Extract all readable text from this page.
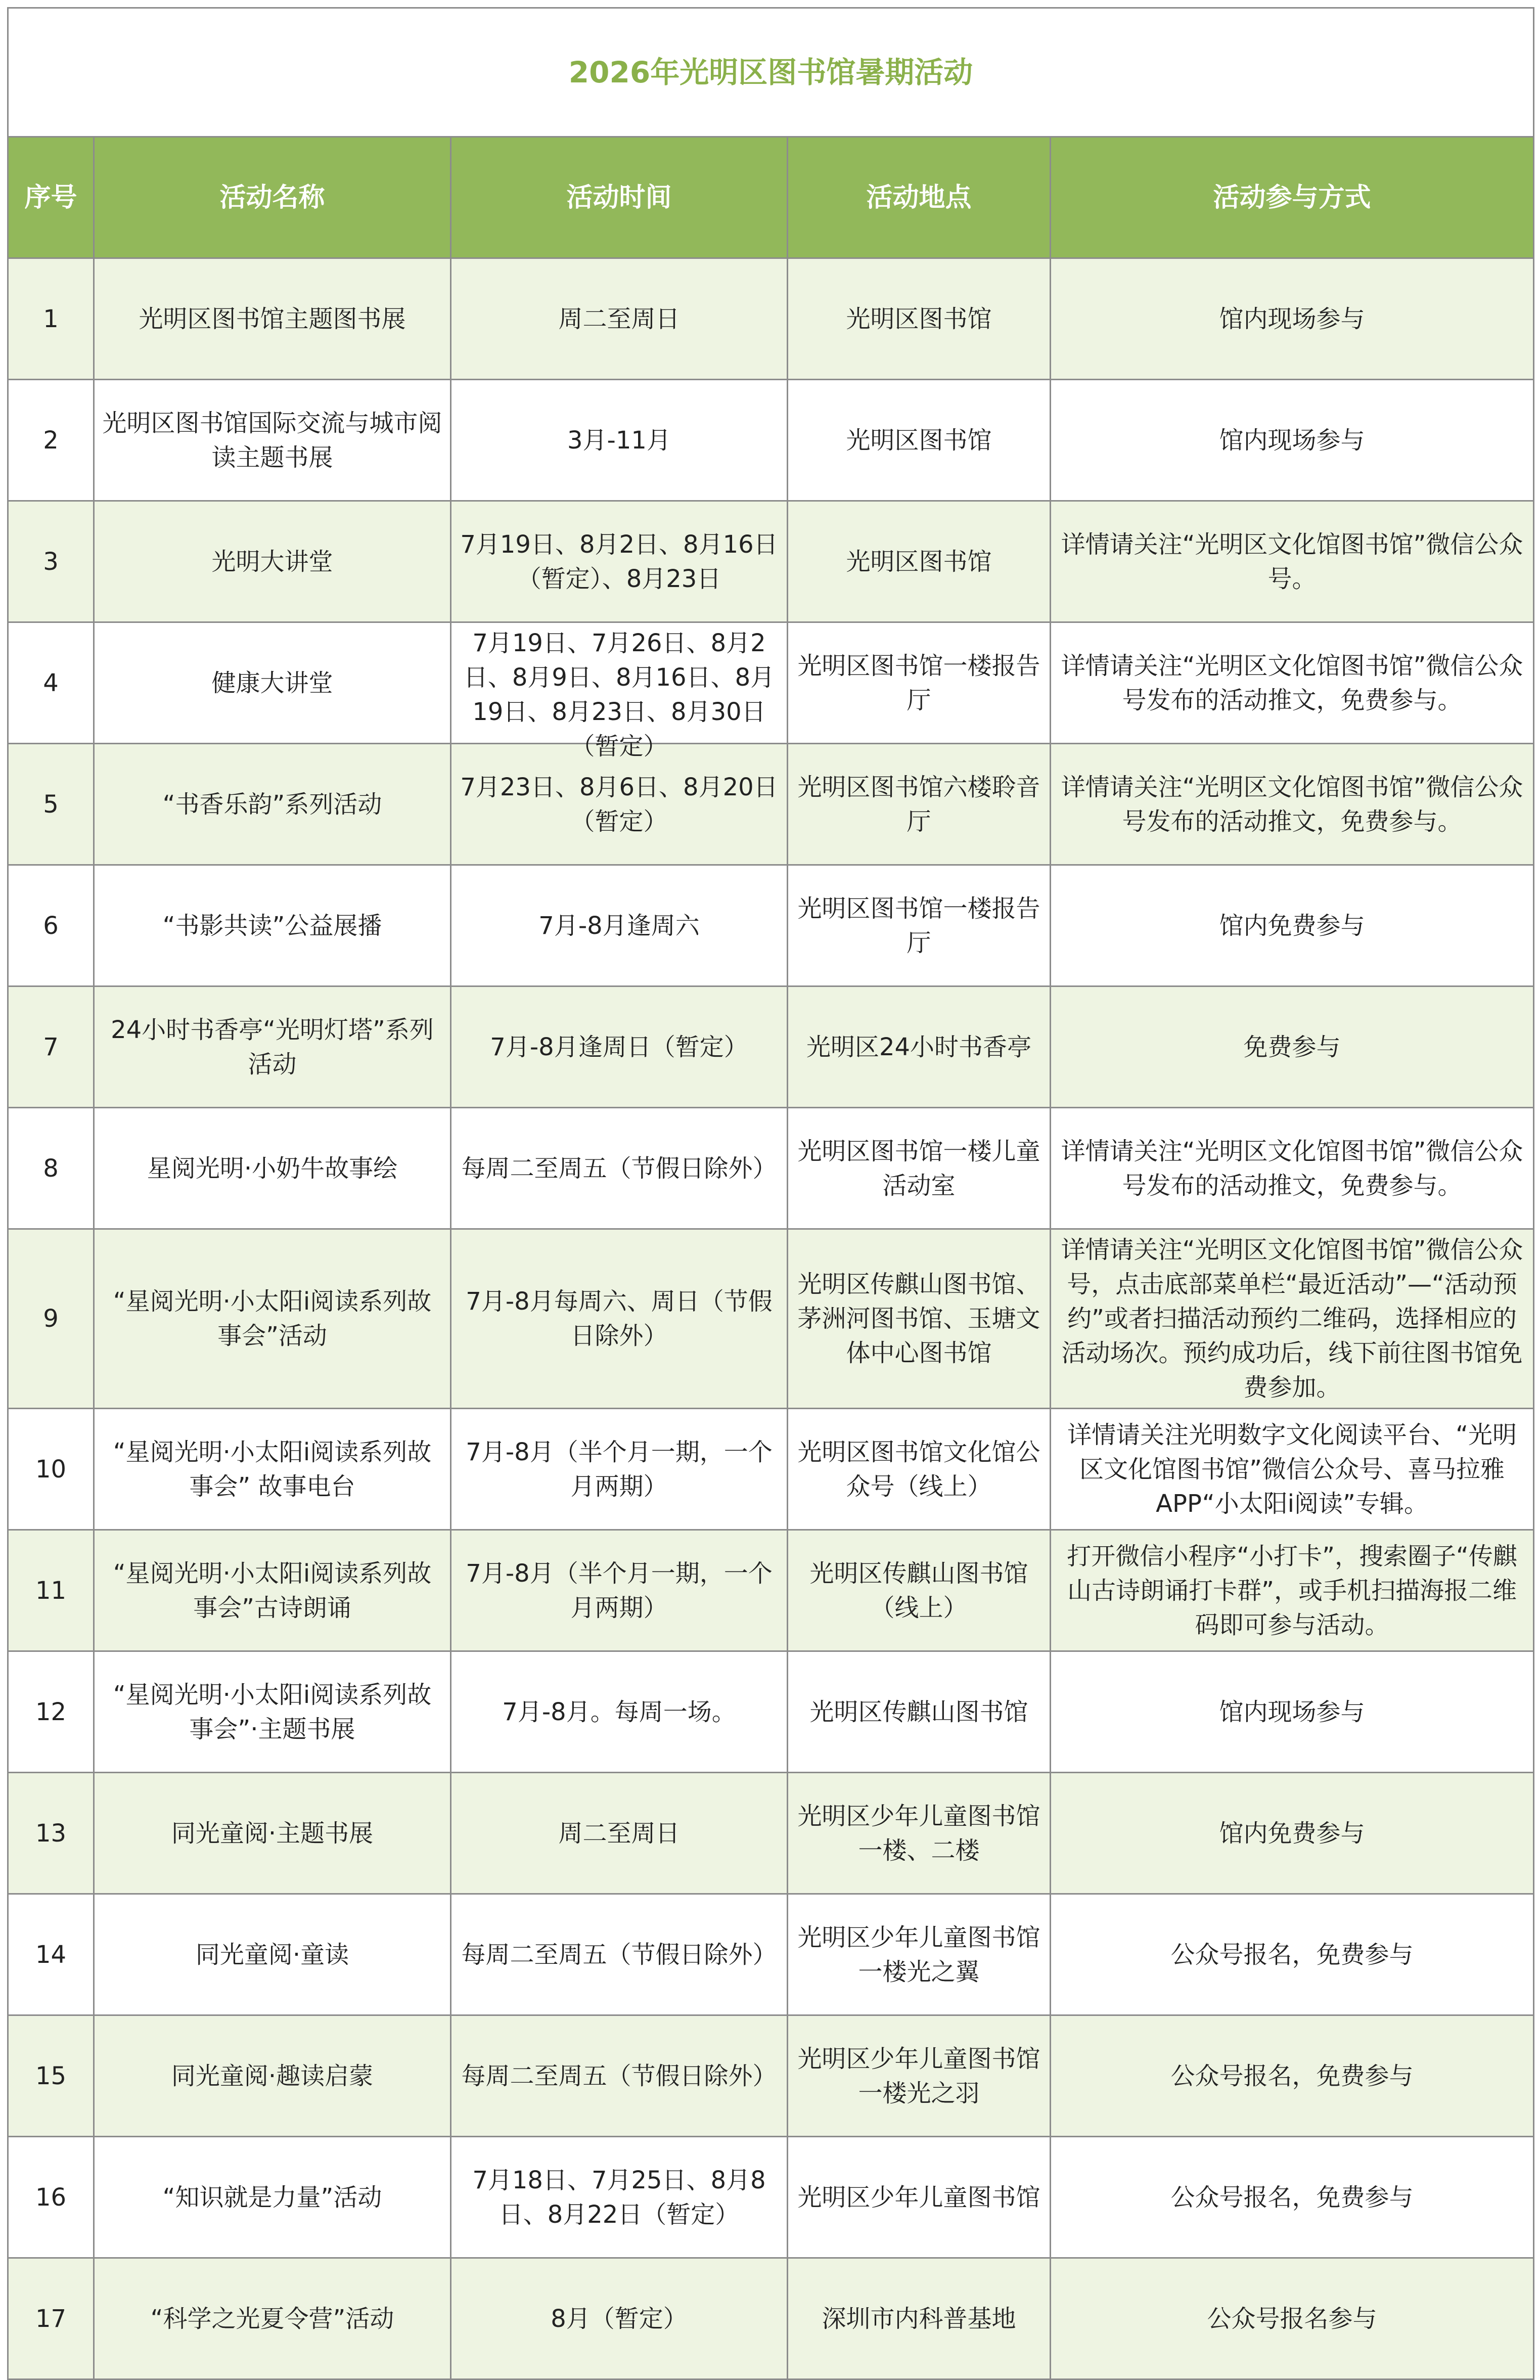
2026年光明区图书馆暑期活动				
序号	活动名称	活动时间	活动地点	活动参与方式

1	光明区图书馆主题图书展	周二至周日	光明区图书馆	馆内现场参与

2	光明区图书馆国际交流与城市阅读主题书展	3月-11月	光明区图书馆	馆内现场参与

3	光明大讲堂	7月19日、8月2日、8月16日（暂定）、8月23日	光明区图书馆	详情请关注“光明区文化馆图书馆”微信公众号。

4	健康大讲堂	7月19日、7月26日、8月2日、8月9日、8月16日、8月19日、8月23日、8月30日（暂定）	光明区图书馆一楼报告厅	详情请关注“光明区文化馆图书馆”微信公众号发布的活动推文，免费参与。

5	“书香乐韵”系列活动	7月23日、8月6日、8月20日（暂定）	光明区图书馆六楼聆音厅	详情请关注“光明区文化馆图书馆”微信公众号发布的活动推文，免费参与。

6	“书影共读”公益展播	7月-8月逢周六	光明区图书馆一楼报告厅	馆内免费参与

7	24小时书香亭“光明灯塔”系列活动	7月-8月逢周日（暂定）	光明区24小时书香亭	免费参与

8	星阅光明·小奶牛故事绘	每周二至周五（节假日除外）	光明区图书馆一楼儿童活动室	详情请关注“光明区文化馆图书馆”微信公众号发布的活动推文，免费参与。

9	“星阅光明·小太阳i阅读系列故事会”活动	7月-8月每周六、周日（节假日除外）	光明区传麒山图书馆、茅洲河图书馆、玉塘文体中心图书馆	详情请关注“光明区文化馆图书馆”微信公众号，点击底部菜单栏“最近活动”—“活动预约”或者扫描活动预约二维码，选择相应的活动场次。预约成功后，线下前往图书馆免费参加。

10	“星阅光明·小太阳i阅读系列故事会” 故事电台	7月-8月（半个月一期，一个月两期）	光明区图书馆文化馆公众号（线上）	详情请关注光明数字文化阅读平台、“光明区文化馆图书馆”微信公众号、喜马拉雅APP“小太阳i阅读”专辑。

11	“星阅光明·小太阳i阅读系列故事会”古诗朗诵	7月-8月（半个月一期，一个月两期）	光明区传麒山图书馆（线上）	打开微信小程序“小打卡”，搜索圈子“传麒山古诗朗诵打卡群”，或手机扫描海报二维码即可参与活动。

12	“星阅光明·小太阳i阅读系列故事会”·主题书展	7月-8月。每周一场。	光明区传麒山图书馆	馆内现场参与

13	同光童阅·主题书展	周二至周日	光明区少年儿童图书馆一楼、二楼	馆内免费参与

14	同光童阅·童读	每周二至周五（节假日除外）	光明区少年儿童图书馆一楼光之翼	公众号报名，免费参与

15	同光童阅·趣读启蒙	每周二至周五（节假日除外）	光明区少年儿童图书馆一楼光之羽	公众号报名，免费参与

16	“知识就是力量”活动	7月18日、7月25日、8月8日、8月22日（暂定）	光明区少年儿童图书馆	公众号报名，免费参与

17	“科学之光夏令营”活动	8月（暂定）	深圳市内科普基地	公众号报名参与
